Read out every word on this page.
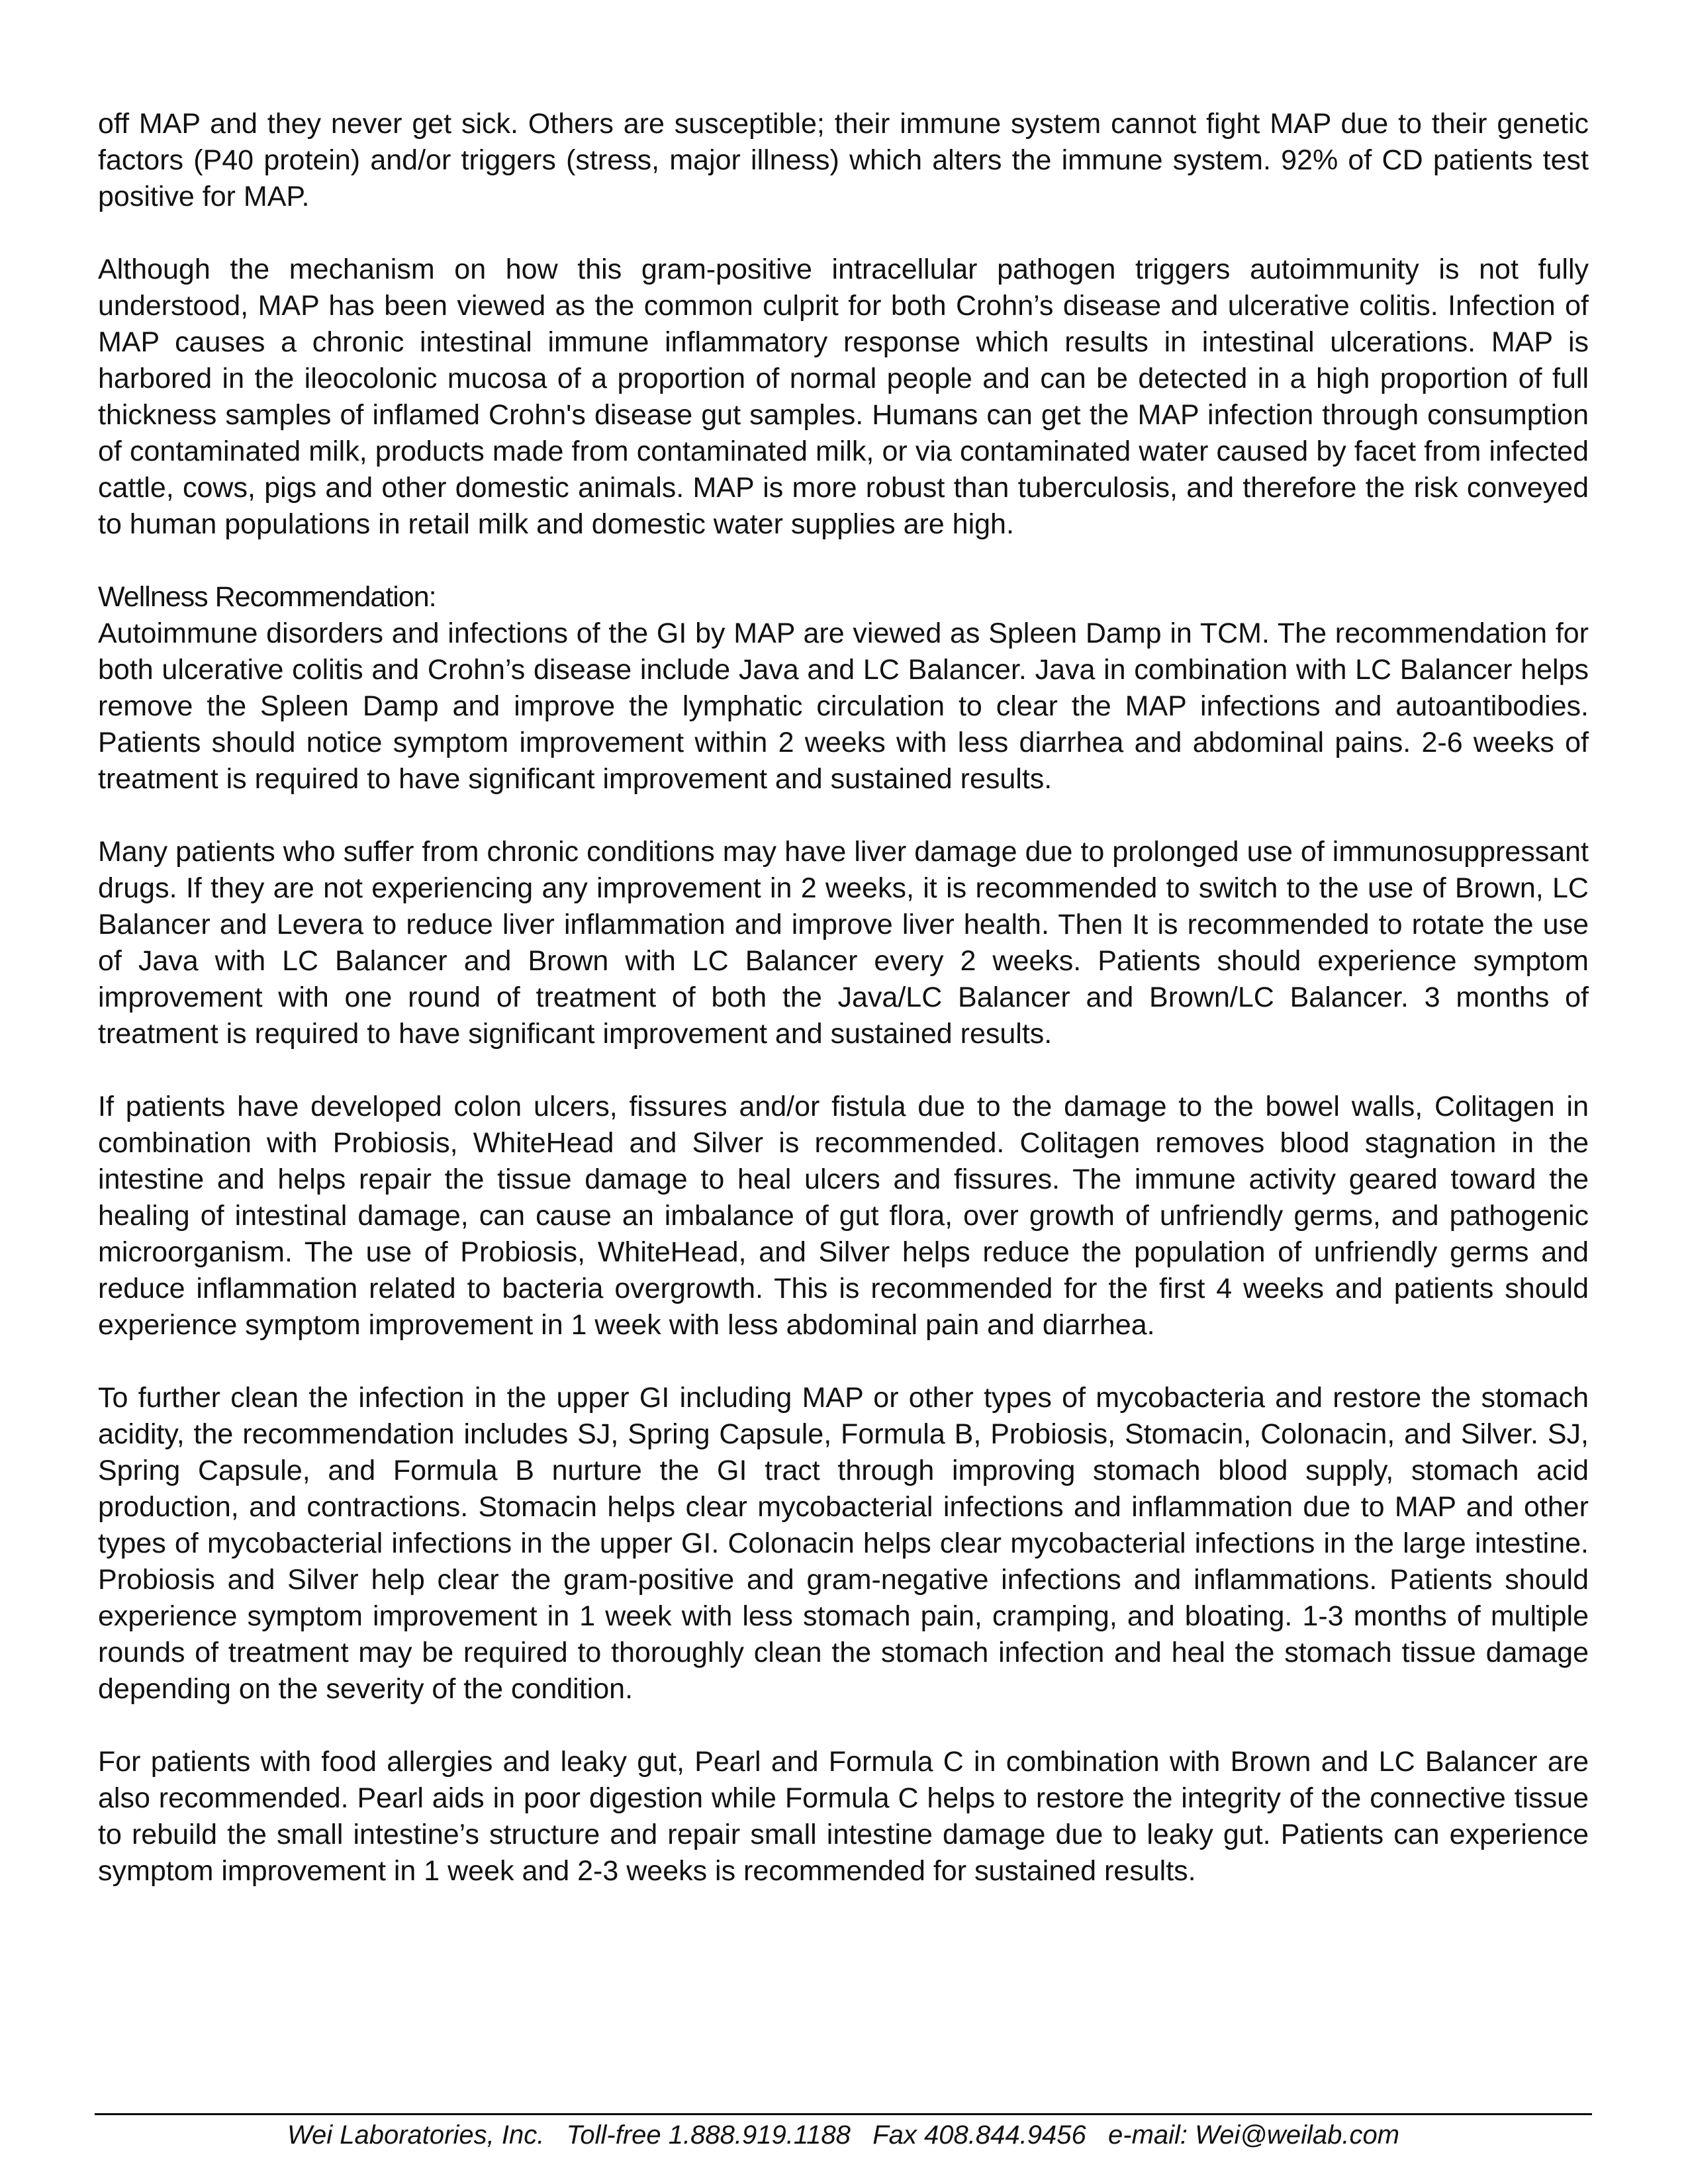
off MAP and they never get sick. Others are susceptible; their immune system cannot fight MAP due to their genetic factors (P40 protein) and/or triggers (stress, major illness) which alters the immune system. 92% of CD patients test positive for MAP.

Although the mechanism on how this gram-positive intracellular pathogen triggers autoimmunity is not fully understood, MAP has been viewed as the common culprit for both Crohn’s disease and ulcerative colitis. Infection of MAP causes a chronic intestinal immune inflammatory response which results in intestinal ulcerations. MAP is harbored in the ileocolonic mucosa of a proportion of normal people and can be detected in a high proportion of full thickness samples of inflamed Crohn's disease gut samples. Humans can get the MAP infection through consumption of contaminated milk, products made from contaminated milk, or via contaminated water caused by facet from infected cattle, cows, pigs and other domestic animals. MAP is more robust than tuberculosis, and therefore the risk conveyed to human populations in retail milk and domestic water supplies are high.

Wellness Recommendation:

Autoimmune disorders and infections of the GI by MAP are viewed as Spleen Damp in TCM. The recommendation for both ulcerative colitis and Crohn’s disease include Java and LC Balancer. Java in combination with LC Balancer helps remove the Spleen Damp and improve the lymphatic circulation to clear the MAP infections and autoantibodies. Patients should notice symptom improvement within 2 weeks with less diarrhea and abdominal pains. 2-6 weeks of treatment is required to have significant improvement and sustained results.

Many patients who suffer from chronic conditions may have liver damage due to prolonged use of immunosuppressant drugs. If they are not experiencing any improvement in 2 weeks, it is recommended to switch to the use of Brown, LC Balancer and Levera to reduce liver inflammation and improve liver health. Then It is recommended to rotate the use of Java with LC Balancer and Brown with LC Balancer every 2 weeks. Patients should experience symptom improvement with one round of treatment of both the Java/LC Balancer and Brown/LC Balancer. 3 months of treatment is required to have significant improvement and sustained results.

If patients have developed colon ulcers, fissures and/or fistula due to the damage to the bowel walls, Colitagen in combination with Probiosis, WhiteHead and Silver is recommended. Colitagen removes blood stagnation in the intestine and helps repair the tissue damage to heal ulcers and fissures. The immune activity geared toward the healing of intestinal damage, can cause an imbalance of gut flora, over growth of unfriendly germs, and pathogenic microorganism. The use of Probiosis, WhiteHead, and Silver helps reduce the population of unfriendly germs and reduce inflammation related to bacteria overgrowth. This is recommended for the first 4 weeks and patients should experience symptom improvement in 1 week with less abdominal pain and diarrhea.

To further clean the infection in the upper GI including MAP or other types of mycobacteria and restore the stomach acidity, the recommendation includes SJ, Spring Capsule, Formula B, Probiosis, Stomacin, Colonacin, and Silver. SJ, Spring Capsule, and Formula B nurture the GI tract through improving stomach blood supply, stomach acid production, and contractions. Stomacin helps clear mycobacterial infections and inflammation due to MAP and other types of mycobacterial infections in the upper GI. Colonacin helps clear mycobacterial infections in the large intestine. Probiosis and Silver help clear the gram-positive and gram-negative infections and inflammations. Patients should experience symptom improvement in 1 week with less stomach pain, cramping, and bloating. 1-3 months of multiple rounds of treatment may be required to thoroughly clean the stomach infection and heal the stomach tissue damage depending on the severity of the condition.

For patients with food allergies and leaky gut, Pearl and Formula C in combination with Brown and LC Balancer are also recommended. Pearl aids in poor digestion while Formula C helps to restore the integrity of the connective tissue to rebuild the small intestine’s structure and repair small intestine damage due to leaky gut. Patients can experience symptom improvement in 1 week and 2-3 weeks is recommended for sustained results.

Wei Laboratories, Inc.   Toll-free 1.888.919.1188   Fax 408.844.9456   e-mail: Wei@weilab.com
